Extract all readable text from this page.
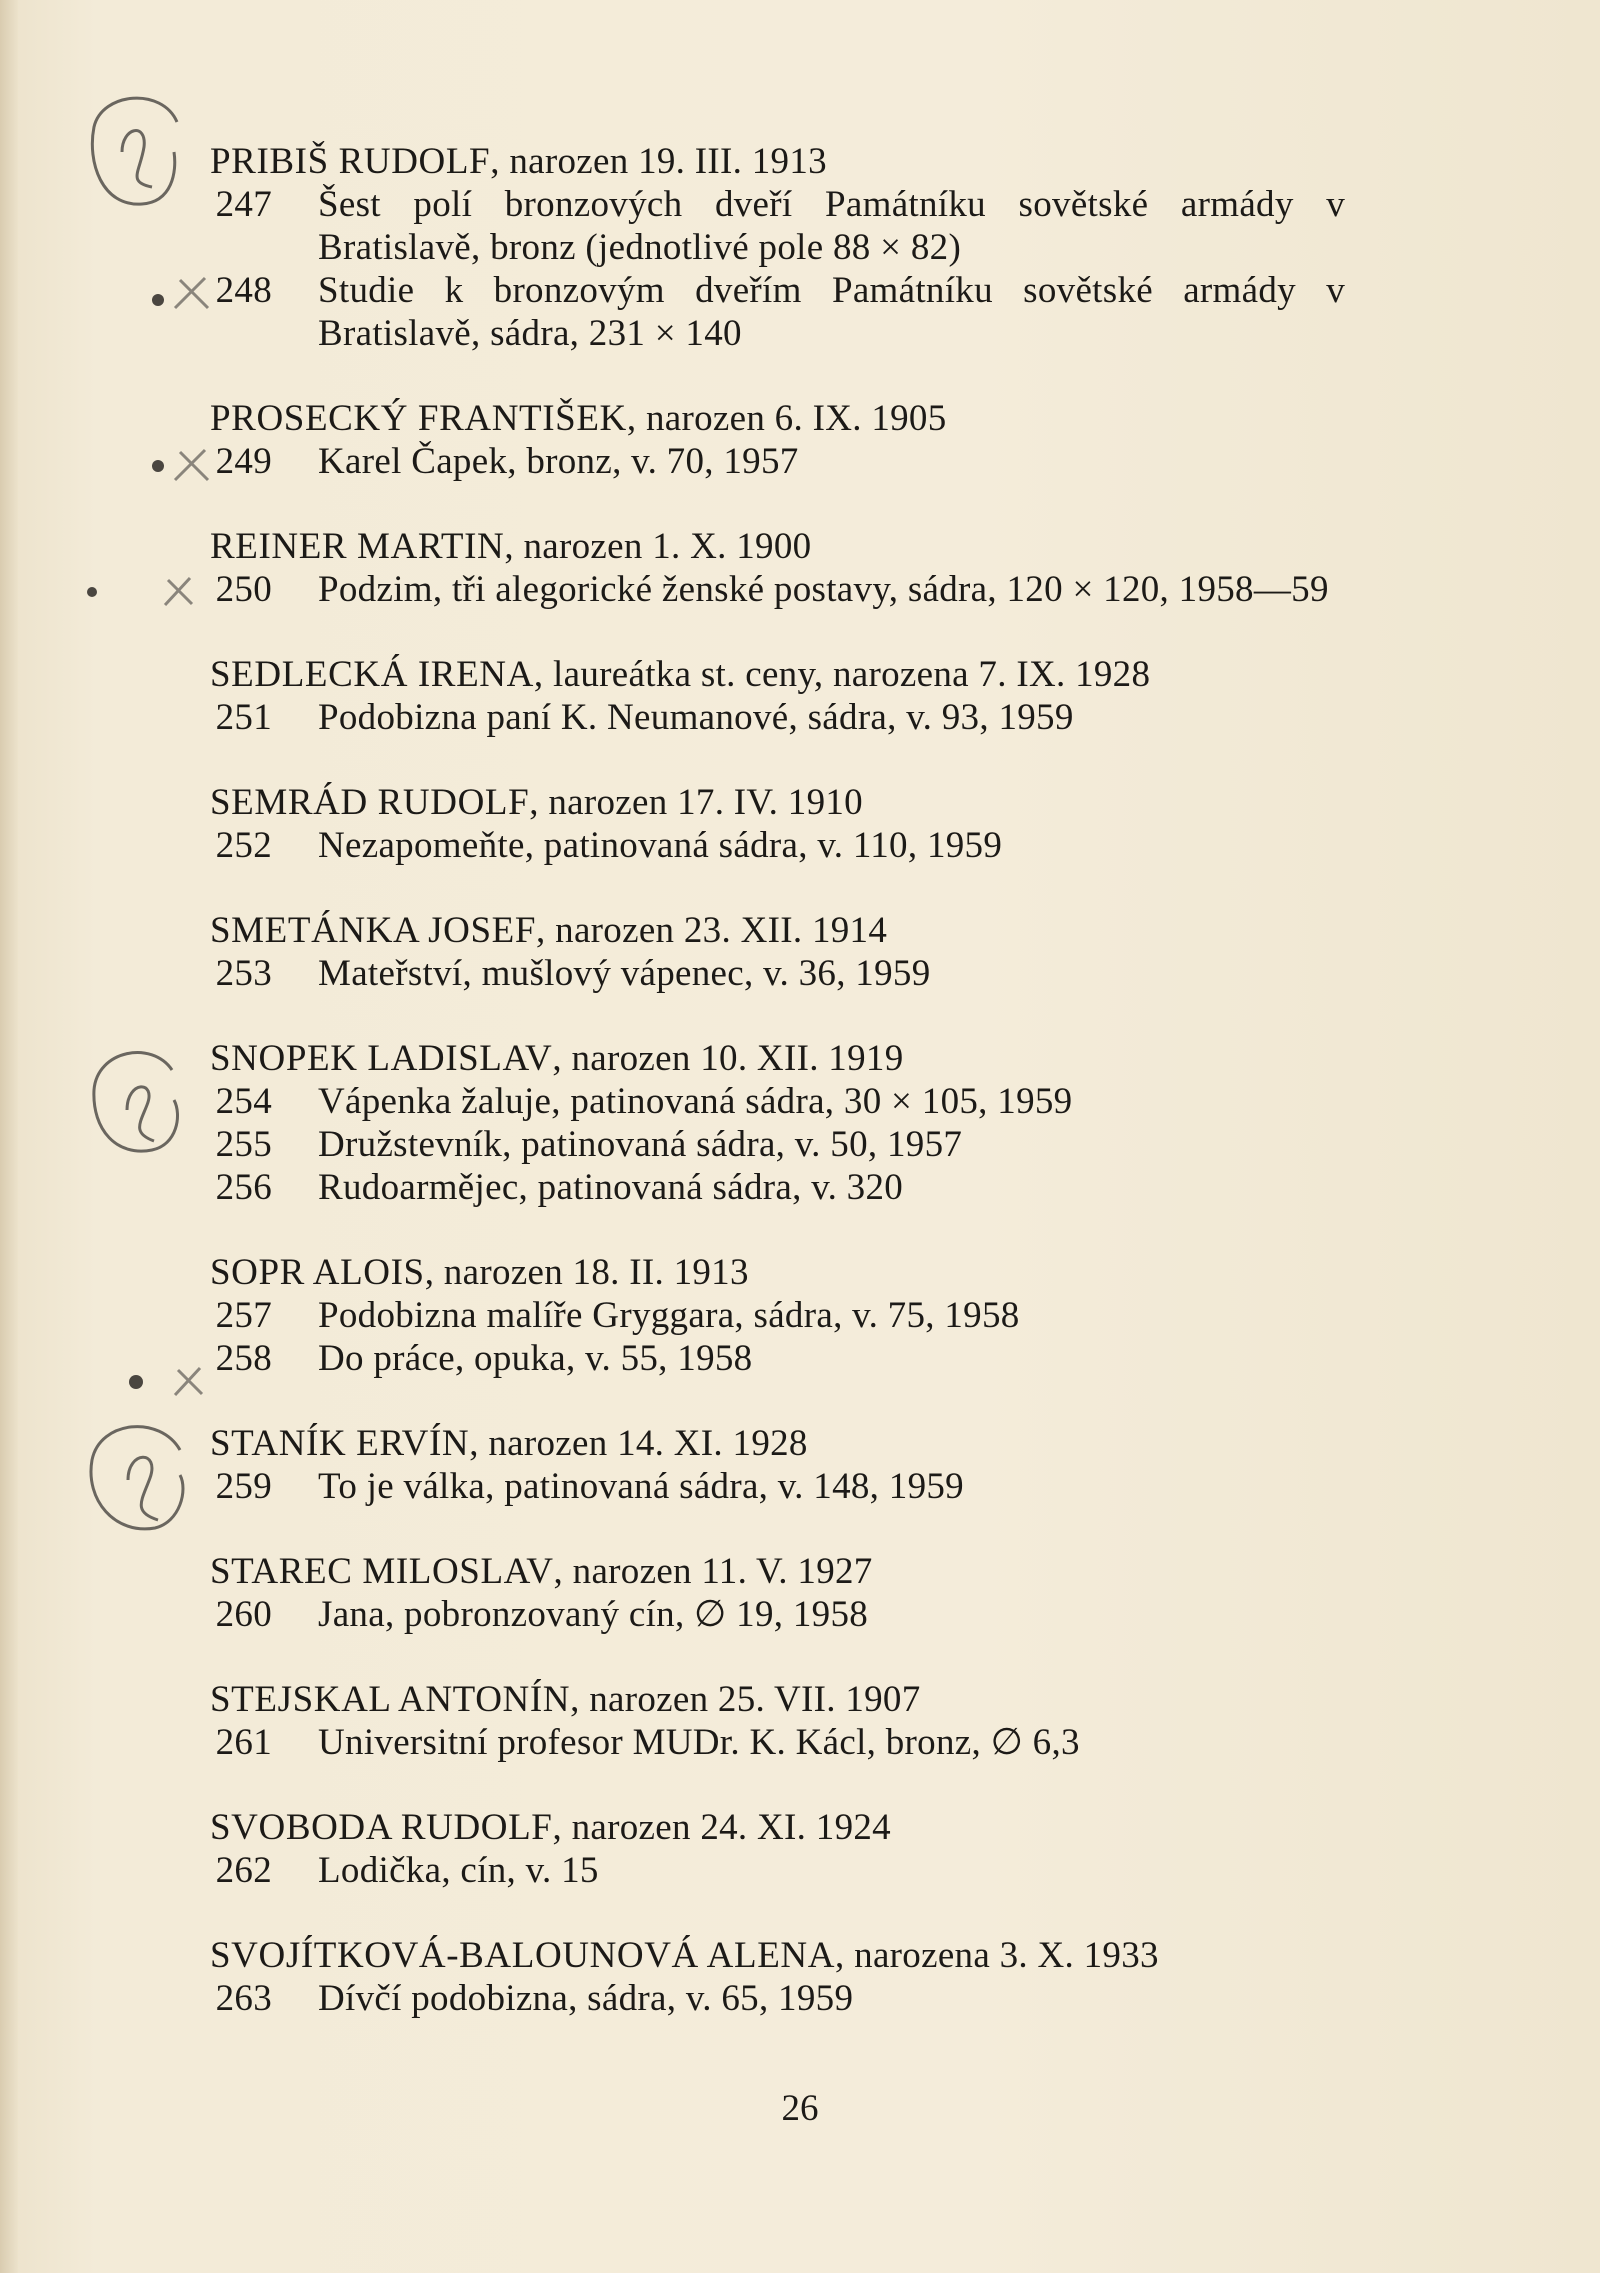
PRIBIŠ RUDOLF, narozen 19. III. 1913
247 Šest polí bronzových dveří Památníku sovětské armády v Bratislavě, bronz (jednotlivé pole 88 × 82)
248 Studie k bronzovým dveřím Památníku sovětské armády v Bratislavě, sádra, 231 × 140
PROSECKÝ FRANTIŠEK, narozen 6. IX. 1905
249 Karel Čapek, bronz, v. 70, 1957
REINER MARTIN, narozen 1. X. 1900
250 Podzim, tři alegorické ženské postavy, sádra, 120 × 120, 1958—59
SEDLECKÁ IRENA, laureátka st. ceny, narozena 7. IX. 1928
251 Podobizna paní K. Neumanové, sádra, v. 93, 1959
SEMRÁD RUDOLF, narozen 17. IV. 1910
252 Nezapomeňte, patinovaná sádra, v. 110, 1959
SMETÁNKA JOSEF, narozen 23. XII. 1914
253 Mateřství, mušlový vápenec, v. 36, 1959
SNOPEK LADISLAV, narozen 10. XII. 1919
254 Vápenka žaluje, patinovaná sádra, 30 × 105, 1959
255 Družstevník, patinovaná sádra, v. 50, 1957
256 Rudoarmějec, patinovaná sádra, v. 320
SOPR ALOIS, narozen 18. II. 1913
257 Podobizna malíře Gryggara, sádra, v. 75, 1958
258 Do práce, opuka, v. 55, 1958
STANÍK ERVÍN, narozen 14. XI. 1928
259 To je válka, patinovaná sádra, v. 148, 1959
STAREC MILOSLAV, narozen 11. V. 1927
260 Jana, pobronzovaný cín, ∅ 19, 1958
STEJSKAL ANTONÍN, narozen 25. VII. 1907
261 Universitní profesor MUDr. K. Kácl, bronz, ∅ 6,3
SVOBODA RUDOLF, narozen 24. XI. 1924
262 Lodička, cín, v. 15
SVOJÍTKOVÁ-BALOUNOVÁ ALENA, narozena 3. X. 1933
263 Dívčí podobizna, sádra, v. 65, 1959
26
